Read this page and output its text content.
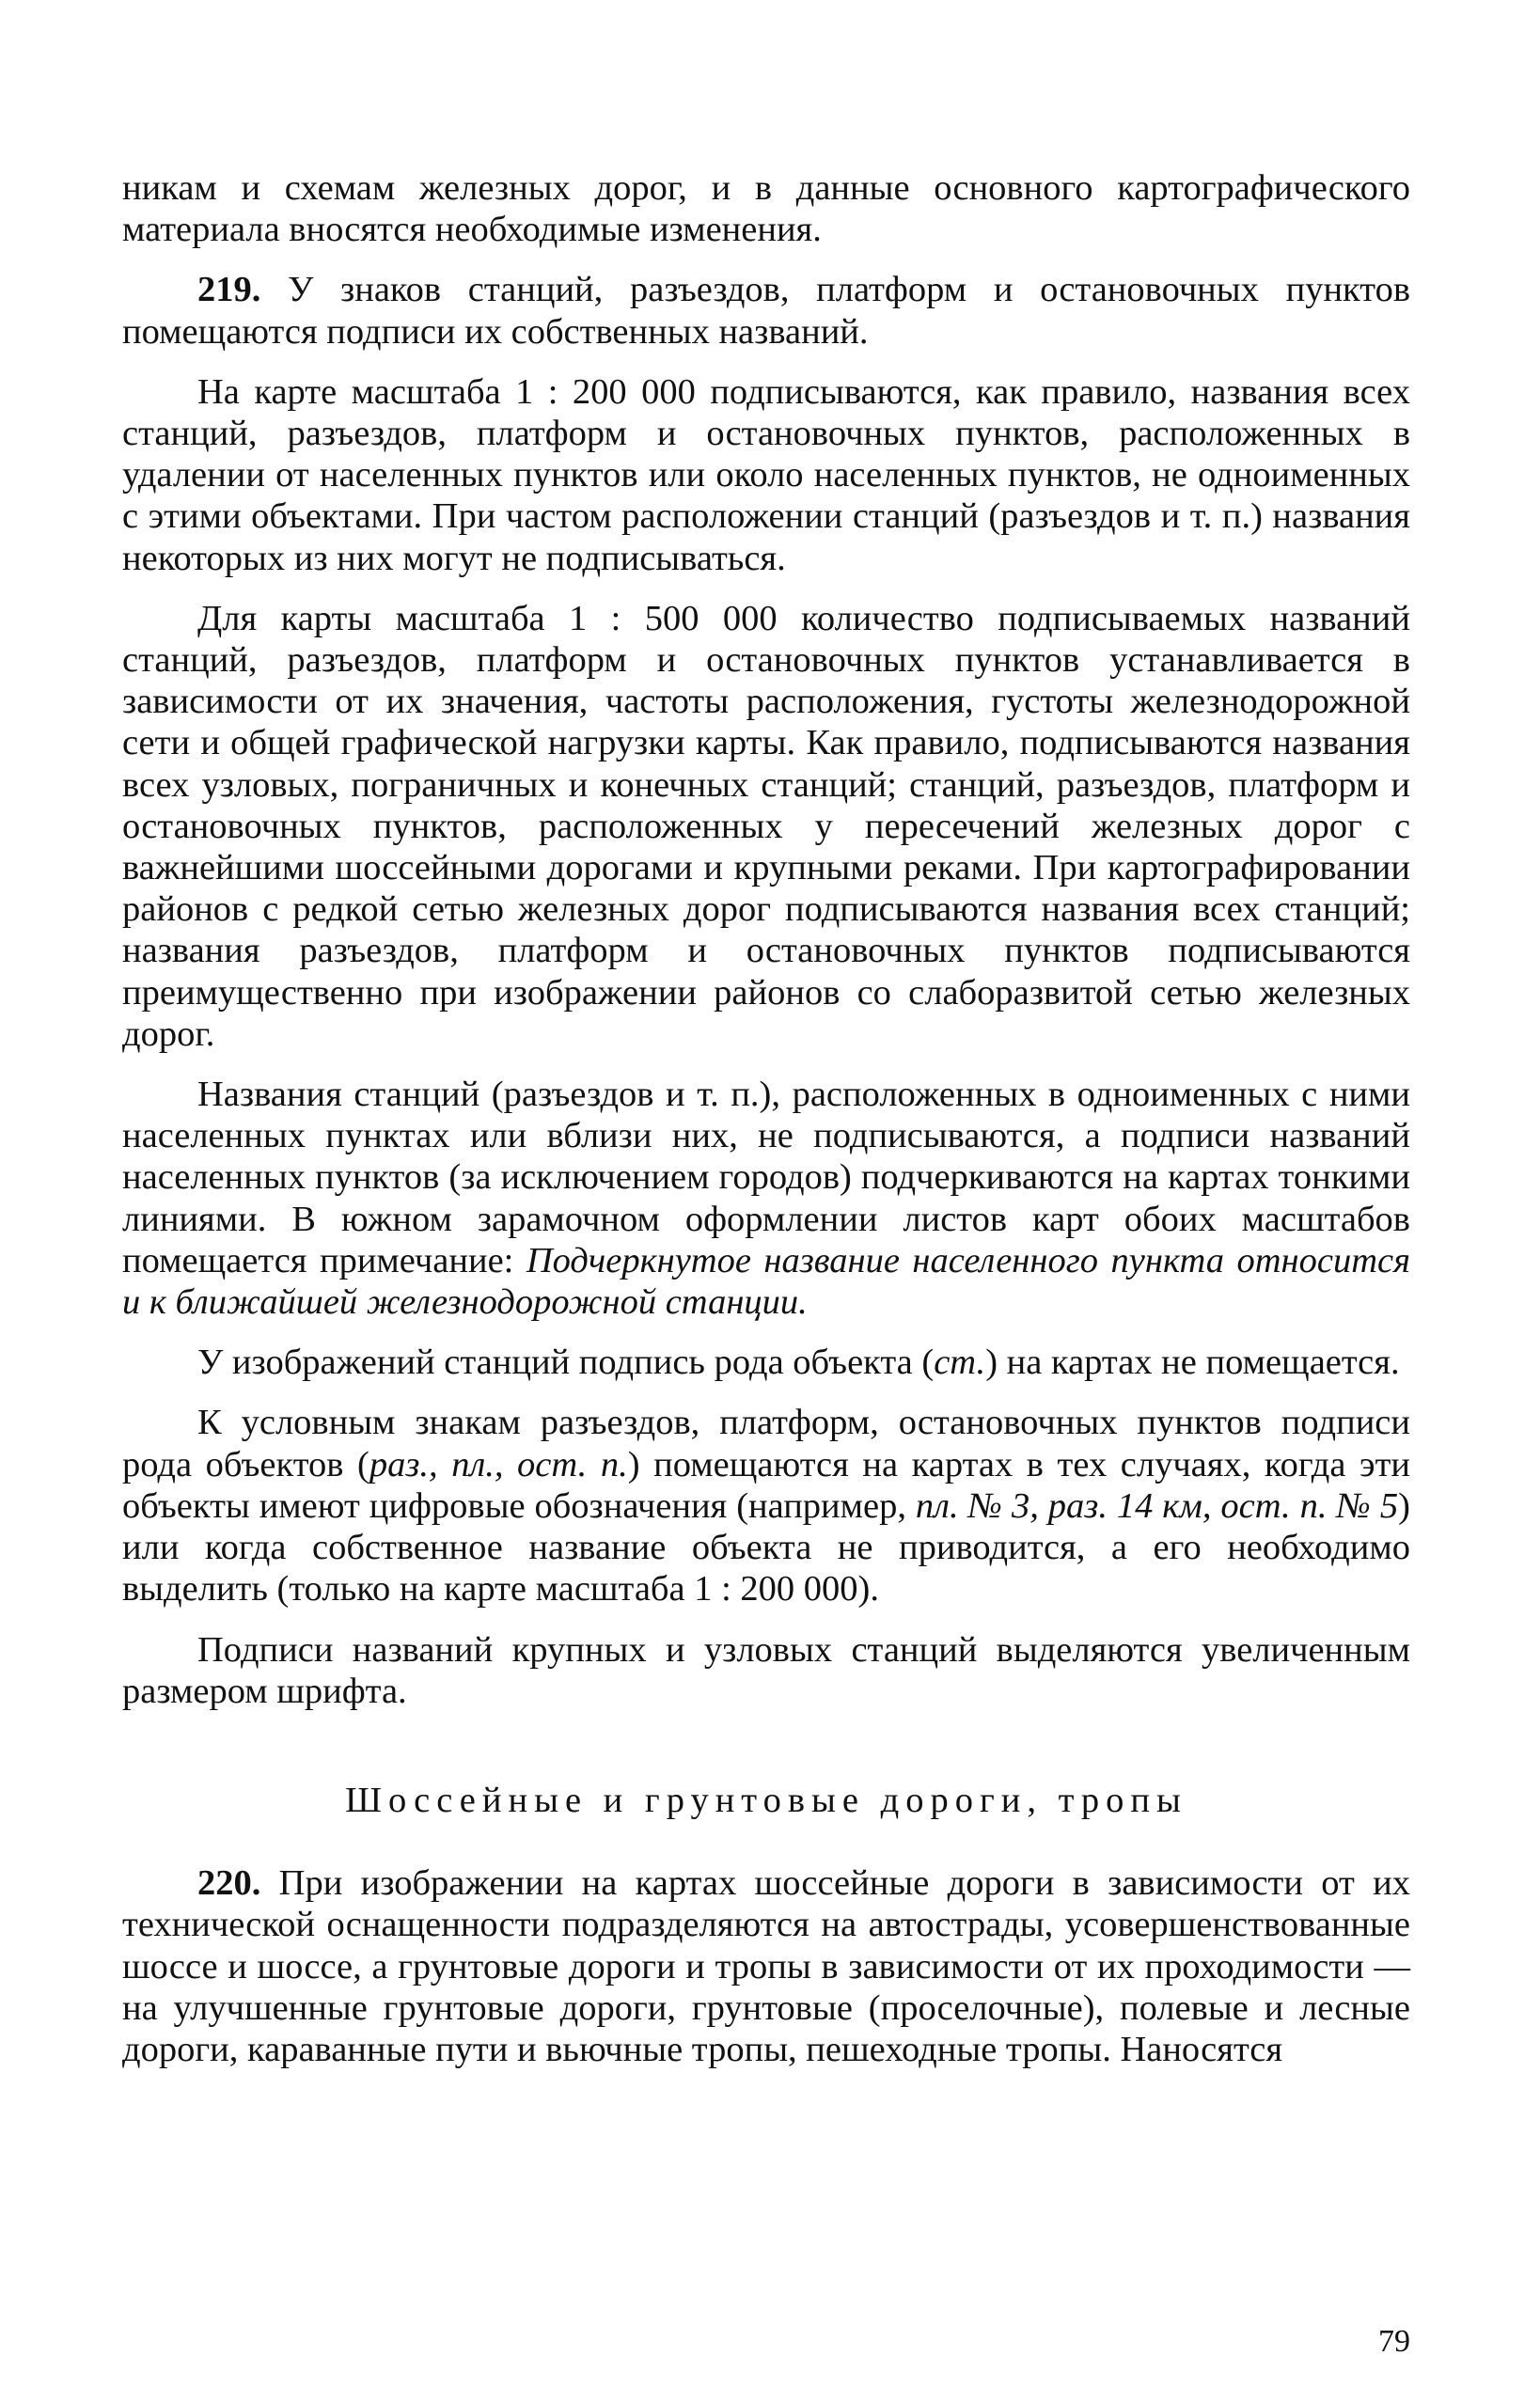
никам и схемам железных дорог, и в данные основного картографического материала вносятся необходимые изменения.

219. У знаков станций, разъездов, платформ и остановочных пунктов помещаются подписи их собственных названий.

На карте масштаба 1 : 200 000 подписываются, как правило, названия всех станций, разъездов, платформ и остановочных пунктов, расположенных в удалении от населенных пунктов или около населенных пунктов, не одноименных с этими объектами. При частом расположении станций (разъездов и т. п.) названия некоторых из них могут не подписываться.

Для карты масштаба 1 : 500 000 количество подписываемых названий станций, разъездов, платформ и остановочных пунктов устанавливается в зависимости от их значения, частоты расположения, густоты железнодорожной сети и общей графической нагрузки карты. Как правило, подписываются названия всех узловых, пограничных и конечных станций; станций, разъездов, платформ и остановочных пунктов, расположенных у пересечений железных дорог с важнейшими шоссейными дорогами и крупными реками. При картографировании районов с редкой сетью железных дорог подписываются названия всех станций; названия разъездов, платформ и остановочных пунктов подписываются преимущественно при изображении районов со слаборазвитой сетью железных дорог.

Названия станций (разъездов и т. п.), расположенных в одноименных с ними населенных пунктах или вблизи них, не подписываются, а подписи названий населенных пунктов (за исключением городов) подчеркиваются на картах тонкими линиями. В южном зарамочном оформлении листов карт обоих масштабов помещается примечание: Подчеркнутое название населенного пункта относится и к ближайшей железнодорожной станции.

У изображений станций подпись рода объекта (ст.) на картах не помещается.

К условным знакам разъездов, платформ, остановочных пунктов подписи рода объектов (раз., пл., ост. п.) помещаются на картах в тех случаях, когда эти объекты имеют цифровые обозначения (например, пл. № 3, раз. 14 км, ост. п. № 5) или когда собственное название объекта не приводится, а его необходимо выделить (только на карте масштаба 1 : 200 000).

Подписи названий крупных и узловых станций выделяются увеличенным размером шрифта.

Шоссейные и грунтовые дороги, тропы

220. При изображении на картах шоссейные дороги в зависимости от их технической оснащенности подразделяются на автострады, усовершенствованные шоссе и шоссе, а грунтовые дороги и тропы в зависимости от их проходимости — на улучшенные грунтовые дороги, грунтовые (проселочные), полевые и лесные дороги, караванные пути и вьючные тропы, пешеходные тропы. Наносятся

79
